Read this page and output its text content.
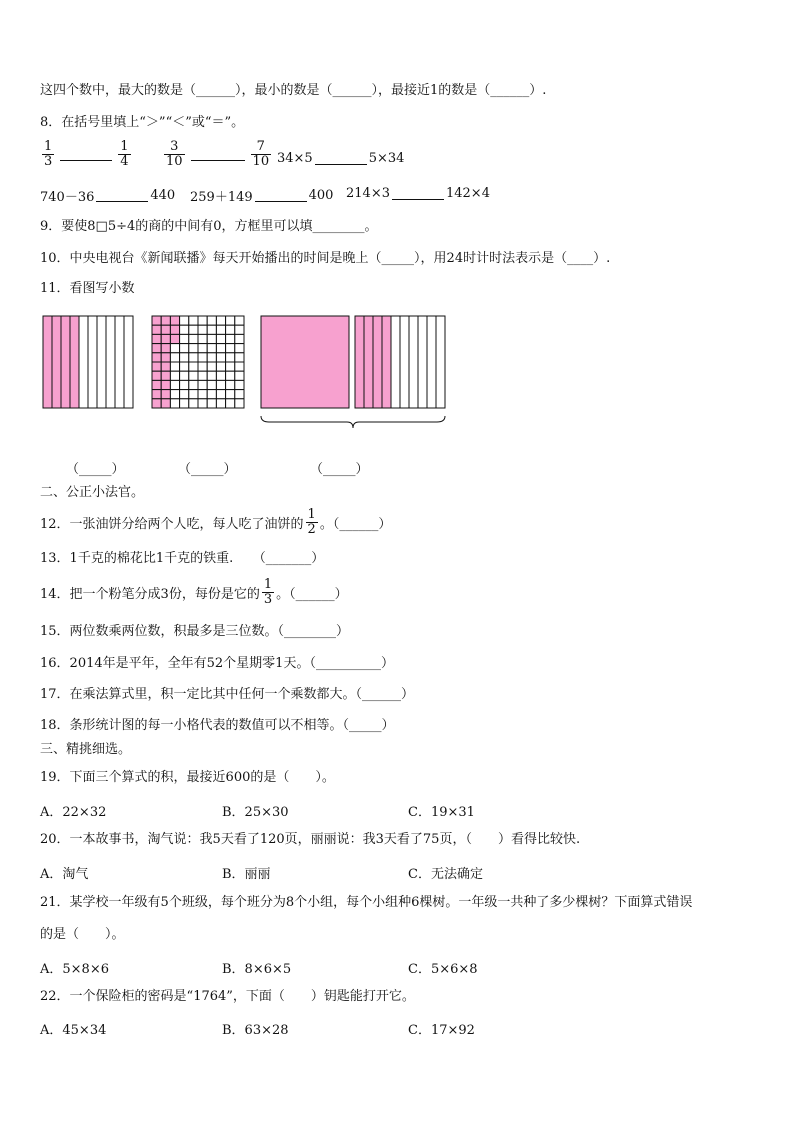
这四个数中，最大的数是（______），最小的数是（______），最接近1的数是（______）.
8．在括号里填上“＞”“＜”或“＝”。
$\frac{1}{3}$	$\frac{1}{4}$	$\frac{3}{10}$	$\frac{7}{10} 34\times 5$	5×34
740－36	440 259＋149	400 214×3	142×4
9．要使8□5÷4的商的中间有0，方框里可以填________。
10．中央电视台《新闻联播》每天开始播出的时间是晚上（_____），用24时计时法表示是（____）.
11．看图写小数
（_____）	（_____）	（_____）
二、公正小法官。
12．一张油饼分给两个人吃，每人吃了油饼的 $\frac{1}{2}$ 。（______）
13．1千克的棉花比1千克的铁重.　　（_______）
14．把一个粉笔分成3份，每份是它的 $\frac{1}{3}$ 。（______）
15．两位数乘两位数，积最多是三位数。（________）
16．2014年是平年，全年有52个星期零1天。（__________）
17．在乘法算式里，积一定比其中任何一个乘数都大。（______）
18．条形统计图的每一小格代表的数值可以不相等。（_____）
三、精挑细选。
19．下面三个算式的积，最接近600的是（　　）。
A．22×32	B．25×30	C．19×31
20．一本故事书，淘气说：我5天看了120页，丽丽说：我3天看了75页，（　　）看得比较快.
A．淘气	B．丽丽	C．无法确定
21．某学校一年级有5个班级，每个班分为8个小组，每个小组种6棵树。一年级一共种了多少棵树？下面算式错误
的是（　　）。
A．5×8×6	B．8×6×5	C．5×6×8
22．一个保险柜的密码是“1764”，下面（　　）钥匙能打开它。
A．45×34	B．63×28	C．17×92
